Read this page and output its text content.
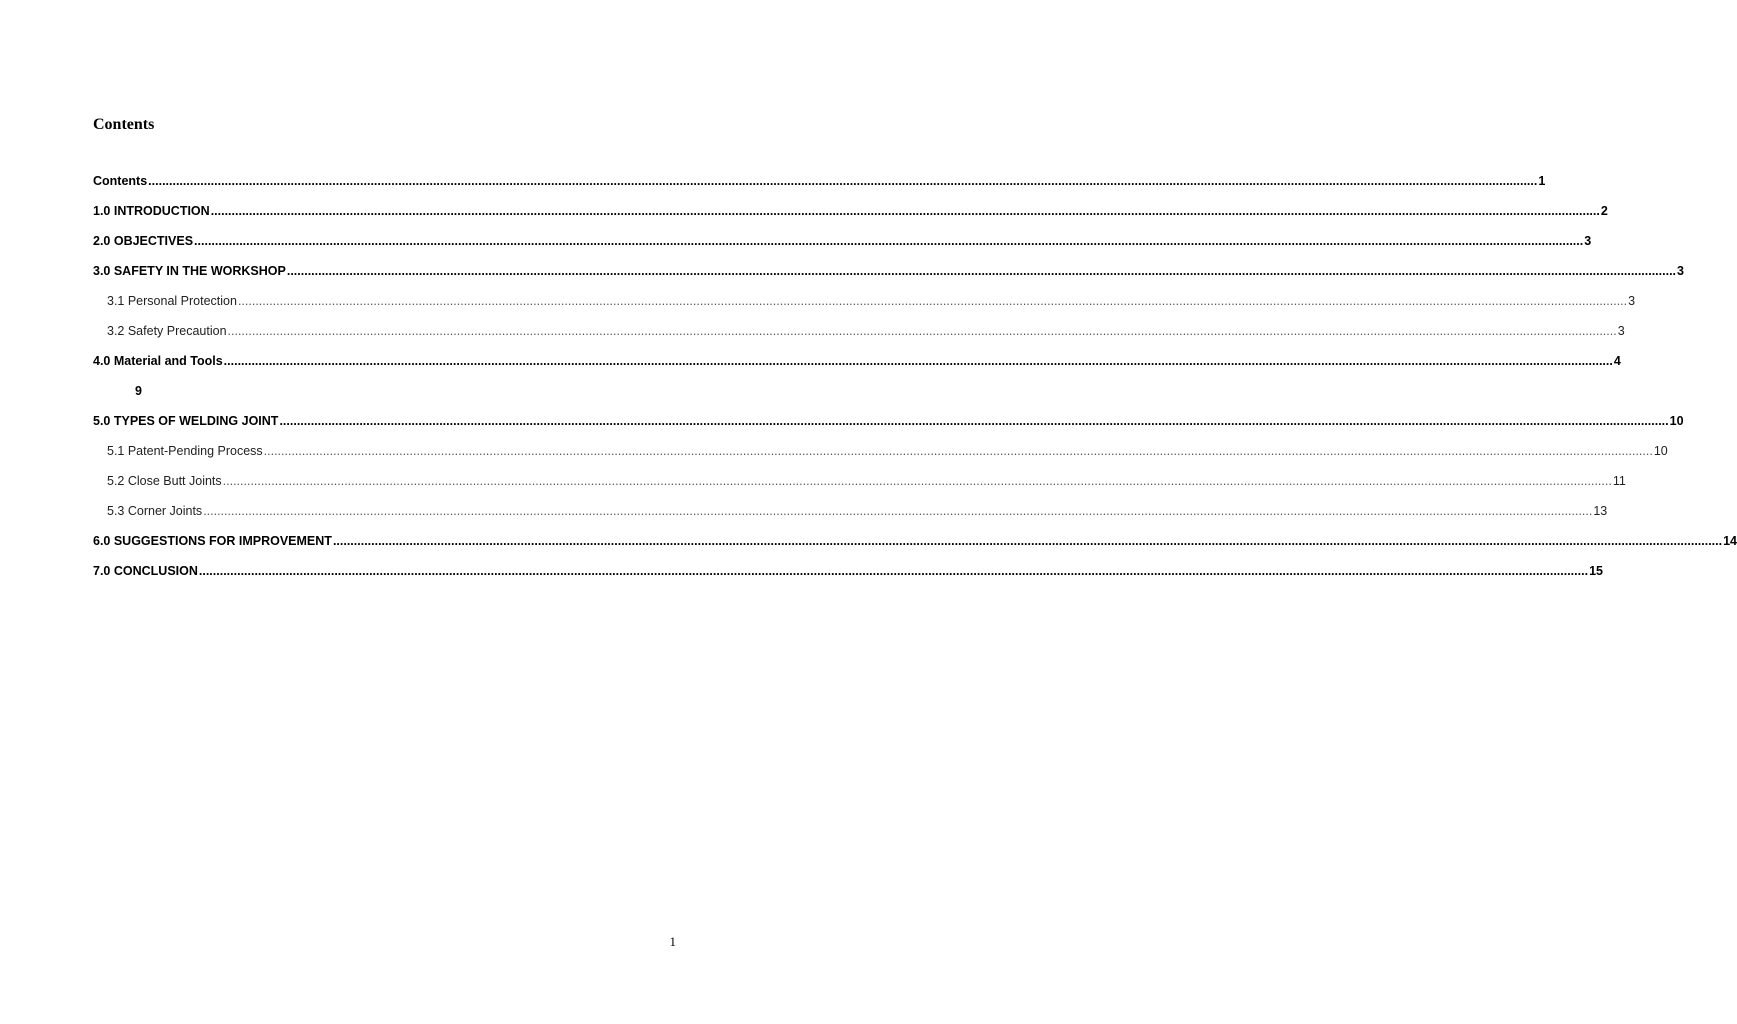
Contents
Contents ................................................................................................................................................................................................................................................................................................................................................................................................................ 1
1.0 INTRODUCTION ................................................................................................................................................................................................................................................................................................................................................................................................................ 2
2.0 OBJECTIVES ................................................................................................................................................................................................................................................................................................................................................................................................................ 3
3.0 SAFETY IN THE WORKSHOP ................................................................................................................................................................................................................................................................................................................................................................................................................ 3
3.1 Personal Protection ................................................................................................................................................................................................................................................................................................................................................................................................................ 3
3.2 Safety Precaution ................................................................................................................................................................................................................................................................................................................................................................................................................ 3
4.0 Material and Tools ................................................................................................................................................................................................................................................................................................................................................................................................................ 4
9
5.0 TYPES OF WELDING JOINT ................................................................................................................................................................................................................................................................................................................................................................................................................ 10
5.1 Patent-Pending Process ................................................................................................................................................................................................................................................................................................................................................................................................................ 10
5.2 Close Butt Joints ................................................................................................................................................................................................................................................................................................................................................................................................................ 11
5.3 Corner Joints ................................................................................................................................................................................................................................................................................................................................................................................................................ 13
6.0 SUGGESTIONS FOR IMPROVEMENT ................................................................................................................................................................................................................................................................................................................................................................................................................ 14
7.0 CONCLUSION ................................................................................................................................................................................................................................................................................................................................................................................................................ 15
1
